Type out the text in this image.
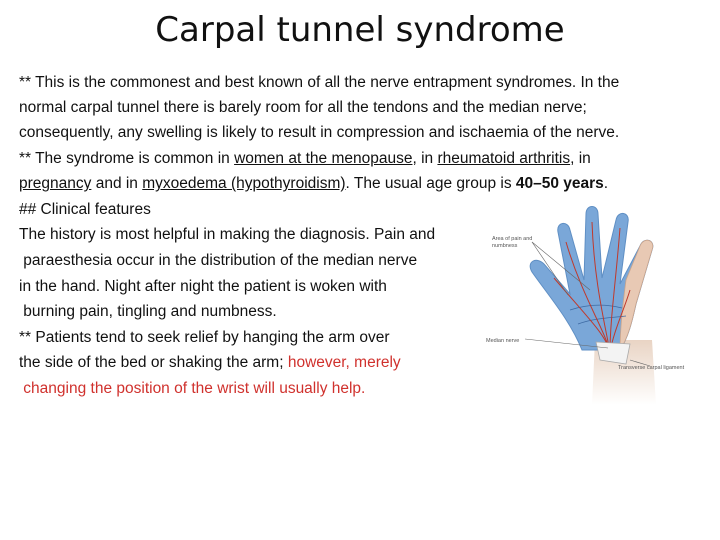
Carpal tunnel syndrome
** This is the commonest and best known of all the nerve entrapment syndromes. In the
normal carpal tunnel there is barely room for all the tendons and the median nerve;
consequently, any swelling is likely to result in compression and ischaemia of the nerve.
** The syndrome is common in women at the menopause, in rheumatoid arthritis, in
pregnancy and in myxoedema (hypothyroidism). The usual age group is 40–50 years.
## Clinical features
The history is most helpful in making the diagnosis. Pain and
paraesthesia occur in the distribution of the median nerve
in the hand. Night after night the patient is woken with
burning pain, tingling and numbness.
** Patients tend to seek relief by hanging the arm over
the side of the bed or shaking the arm; however, merely
changing the position of the wrist will usually help.
Area of pain and
numbness
Median nerve
Transverse carpal ligament
